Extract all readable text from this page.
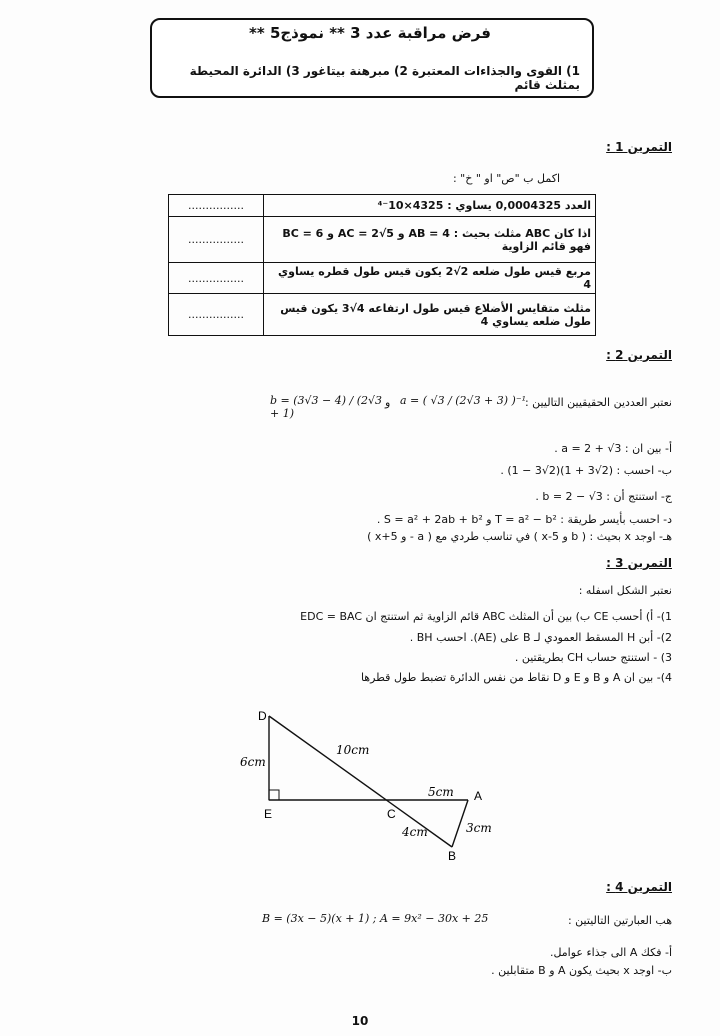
فرض مراقبة عدد 3 ** نموذج5 **
1) القوى والجذاءات المعتبرة 2) مبرهنة بيتاغور 3) الدائرة المحيطة بمثلث قائم
التمرين 1 :
اكمل ب "ص" او " خ" :
................	العدد 0,0004325 يساوي : 4325×10⁻⁴
................	اذا كان ABC مثلث بحيث : AB = 4 و AC = 2√5 و BC = 6 فهو قائم الزاوية
................	مربع قيس طول ضلعه 2√2 يكون قيس طول قطره يساوي 4
................	مثلث متقايس الأضلاع قيس طول ارتفاعه 4√3 يكون قيس طول ضلعه يساوي 4
التمرين 2 :
نعتبر العددين الحقيقيين التاليين :
a = ( √3 / (2√3 + 3) )⁻¹
و
b = (3√3 − 4) / (2√3 + 1)
أ- بين ان : a = 2 + √3 .
ب- احسب : (2√3 + 1)(2√3 − 1) .
ج- استنتج أن : b = 2 − √3 .
د- احسب بأيسر طريقة : T = a² − b² و S = a² + 2ab + b² .
هـ- اوجد x بحيث : ( b و x-5 ) في تناسب طردي مع ( a - و x+5 )
التمرين 3 :
نعتبر الشكل اسفله :
1)- أ) أحسب CE ب) بين أن المثلث ABC قائم الزاوية ثم استنتج ان EDC = BAC
2)- أبن H المسقط العمودي لـ B على (AE). احسب BH .
3) - استنتج حساب CH بطريقتين .
4)- بين ان A و B و E و D نقاط من نفس الدائرة تضبط طول قطرها
D
E	C
A
B
6cm
10cm
5cm
4cm	3cm
التمرين 4 :
هب العبارتين التاليتين :
B = (3x − 5)(x + 1) ; A = 9x² − 30x + 25
أ- فكك A الى جذاء عوامل.
ب- اوجد x بحيث يكون A و B متقابلين .
10
